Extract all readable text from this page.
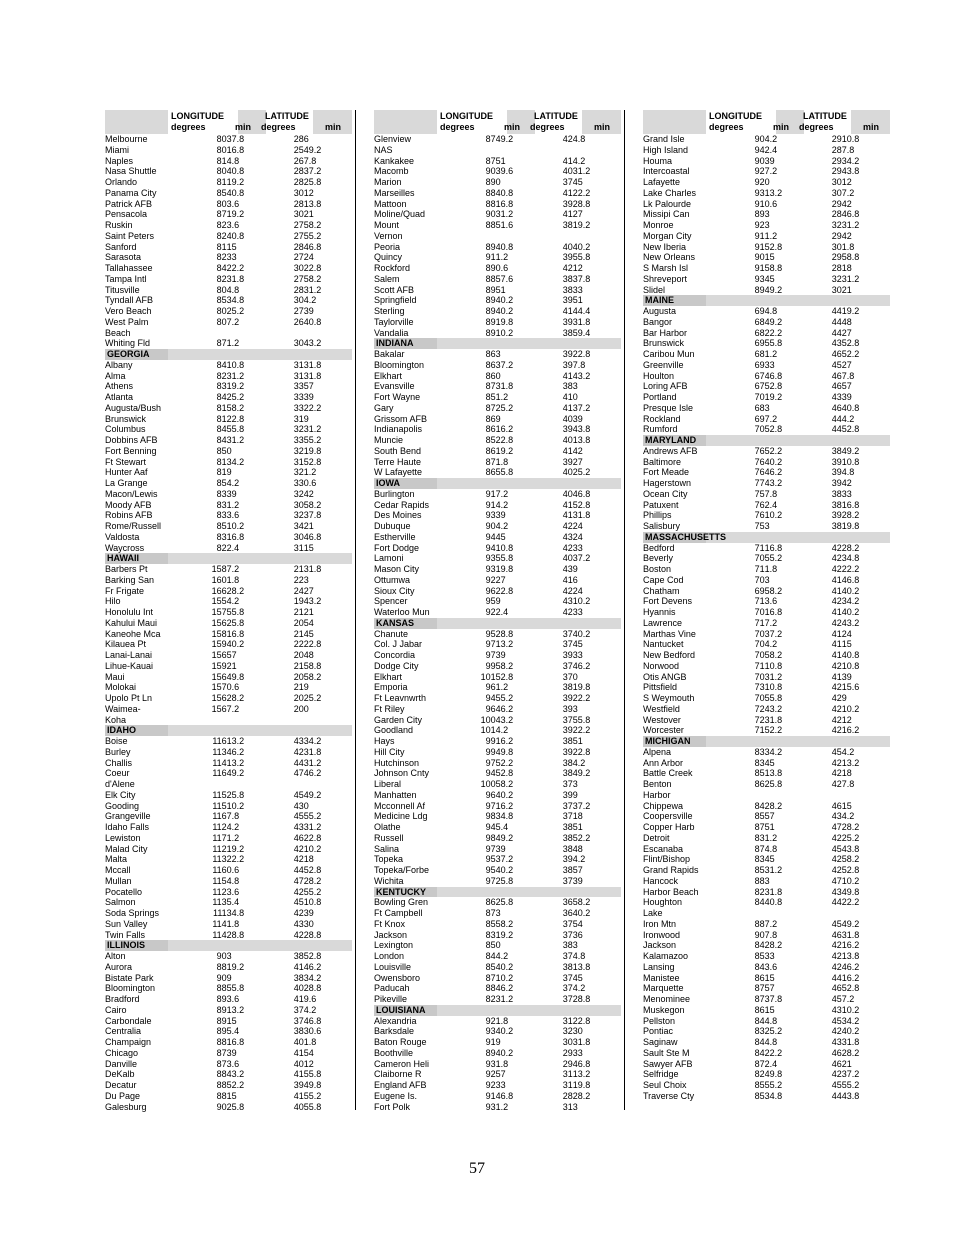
LONGITUDE	LATITUDE
degrees	min degrees	min
Melbourne	80	37.8	28	6
Miami	80	16.8	25	49.2
Naples	81	4.8	26	7.8
Nasa Shuttle	80	40.8	28	37.2
Orlando	81	19.2	28	25.8
Panama City	85	40.8	30	12
Patrick AFB	80	3.6	28	13.8
Pensacola	87	19.2	30	21
Ruskin	82	3.6	27	58.2
Saint Peters	82	40.8	27	55.2
Sanford	81	15	28	46.8
Sarasota	82	33	27	24
Tallahassee	84	22.2	30	22.8
Tampa Intl	82	31.8	27	58.2
Titusville	80	4.8	28	31.2
Tyndall AFB	85	34.8	30	4.2
Vero Beach	80	25.2	27	39
West Palm	80	7.2	26	40.8
Beach				
Whiting Fld	87	1.2	30	43.2
GEORGIA				
Albany	84	10.8	31	31.8
Alma	82	31.2	31	31.8
Athens	83	19.2	33	57
Atlanta	84	25.2	33	39
Augusta/Bush	81	58.2	33	22.2
Brunswick	81	22.8	31	9
Columbus	84	55.8	32	31.2
Dobbins AFB	84	31.2	33	55.2
Fort Benning	85	0	32	19.8
Ft Stewart	81	34.2	31	52.8
Hunter Aaf	81	9	32	1.2
La Grange	85	4.2	33	0.6
Macon/Lewis	83	39	32	42
Moody AFB	83	1.2	30	58.2
Robins AFB	83	3.6	32	37.8
Rome/Russell	85	10.2	34	21
Valdosta	83	16.8	30	46.8
Waycross	82	2.4	31	15
HAWAII				
Barbers Pt	158	7.2	21	31.8
Barking San	160	1.8	22	3
Fr Frigate	166	28.2	24	27
Hilo	155	4.2	19	43.2
Honolulu Int	157	55.8	21	21
Kahului Maui	156	25.8	20	54
Kaneohe Mca	158	16.8	21	45
Kilauea Pt	159	40.2	22	22.8
Lanai-Lanai	156	57	20	48
Lihue-Kauai	159	21	21	58.8
Maui	156	49.8	20	58.2
Molokai	157	0.6	21	9
Upolo Pt Ln	156	28.2	20	25.2
Waimea-	156	7.2	20	0
Koha				
IDAHO				
Boise	116	13.2	43	34.2
Burley	113	46.2	42	31.8
Challis	114	13.2	44	31.2
Coeur	116	49.2	47	46.2
d'Alene				
Elk City	115	25.8	45	49.2
Gooding	115	10.2	43	0
Grangeville	116	7.8	45	55.2
Idaho Falls	112	4.2	43	31.2
Lewiston	117	1.2	46	22.8
Malad City	112	19.2	42	10.2
Malta	113	22.2	42	18
Mccall	116	0.6	44	52.8
Mullan	115	4.8	47	28.2
Pocatello	112	3.6	42	55.2
Salmon	113	5.4	45	10.8
Soda Springs	111	34.8	42	39
Sun Valley	114	1.8	43	30
Twin Falls	114	28.8	42	28.8
ILLINOIS				
Alton	90	3	38	52.8
Aurora	88	19.2	41	46.2
Bistate Park	90	9	38	34.2
Bloomington	88	55.8	40	28.8
Bradford	89	3.6	41	9.6
Cairo	89	13.2	37	4.2
Carbondale	89	15	37	46.8
Centralia	89	5.4	38	30.6
Champaign	88	16.8	40	1.8
Chicago	87	39	41	54
Danville	87	3.6	40	12
DeKalb	88	43.2	41	55.8
Decatur	88	52.2	39	49.8
Du Page	88	15	41	55.2
Galesburg	90	25.8	40	55.8
LONGITUDE	LATITUDE
degrees	min degrees	min
Glenview	87	49.2	42	4.8
NAS				
Kankakee	87	51	41	4.2
Macomb	90	39.6	40	31.2
Marion	89	0	37	45
Marseilles	88	40.8	41	22.2
Mattoon	88	16.8	39	28.8
Moline/Quad	90	31.2	41	27
Mount	88	51.6	38	19.2
Vernon				
Peoria	89	40.8	40	40.2
Quincy	91	1.2	39	55.8
Rockford	89	0.6	42	12
Salem	88	57.6	38	37.8
Scott AFB	89	51	38	33
Springfield	89	40.2	39	51
Sterling	89	40.2	41	44.4
Taylorville	89	19.8	39	31.8
Vandalia	89	10.2	38	59.4
INDIANA				
Bakalar	86	3	39	22.8
Bloomington	86	37.2	39	7.8
Elkhart	86	0	41	43.2
Evansville	87	31.8	38	3
Fort Wayne	85	1.2	41	0
Gary	87	25.2	41	37.2
Grissom AFB	86	9	40	39
Indianapolis	86	16.2	39	43.8
Muncie	85	22.8	40	13.8
South Bend	86	19.2	41	42
Terre Haute	87	1.8	39	27
W Lafayette	86	55.8	40	25.2
IOWA				
Burlington	91	7.2	40	46.8
Cedar Rapids	91	4.2	41	52.8
Des Moines	93	39	41	31.8
Dubuque	90	4.2	42	24
Estherville	94	45	43	24
Fort Dodge	94	10.8	42	33
Lamoni	93	55.8	40	37.2
Mason City	93	19.8	43	9
Ottumwa	92	27	41	6
Sioux City	96	22.8	42	24
Spencer	95	9	43	10.2
Waterloo Mun	92	2.4	42	33
KANSAS				
Chanute	95	28.8	37	40.2
Col. J Jabar	97	13.2	37	45
Concordia	97	39	39	33
Dodge City	99	58.2	37	46.2
Elkhart	101	52.8	37	0
Emporia	96	1.2	38	19.8
Ft Leavnwrth	94	55.2	39	22.2
Ft Riley	96	46.2	39	3
Garden City	100	43.2	37	55.8
Goodland	101	4.2	39	22.2
Hays	99	16.2	38	51
Hill City	99	49.8	39	22.8
Hutchinson	97	52.2	38	4.2
Johnson Cnty	94	52.8	38	49.2
Liberal	100	58.2	37	3
Manhatten	96	40.2	39	9
Mcconnell Af	97	16.2	37	37.2
Medicine Ldg	98	34.8	37	18
Olathe	94	5.4	38	51
Russell	98	49.2	38	52.2
Salina	97	39	38	48
Topeka	95	37.2	39	4.2
Topeka/Forbe	95	40.2	38	57
Wichita	97	25.8	37	39
KENTUCKY				
Bowling Gren	86	25.8	36	58.2
Ft Campbell	87	3	36	40.2
Ft Knox	85	58.2	37	54
Jackson	83	19.2	37	36
Lexington	85	0	38	3
London	84	4.2	37	4.8
Louisville	85	40.2	38	13.8
Owensboro	87	10.2	37	45
Paducah	88	46.2	37	4.2
Pikeville	82	31.2	37	28.8
LOUISIANA				
Alexandria	92	1.8	31	22.8
Barksdale	93	40.2	32	30
Baton Rouge	91	9	30	31.8
Boothville	89	40.2	29	33
Cameron Heli	93	1.8	29	46.8
Claiborne R	92	57	31	13.2
England AFB	92	33	31	19.8
Eugene Is.	91	46.8	28	28.2
Fort Polk	93	1.2	31	3
LONGITUDE	LATITUDE
degrees	min degrees	min
Grand Isle	90	4.2	29	10.8
High Island	94	2.4	28	7.8
Houma	90	39	29	34.2
Intercoastal	92	7.2	29	43.8
Lafayette	92	0	30	12
Lake Charles	93	13.2	30	7.2
Lk Palourde	91	0.6	29	42
Missipi Can	89	3	28	46.8
Monroe	92	3	32	31.2
Morgan City	91	1.2	29	42
New Iberia	91	52.8	30	1.8
New Orleans	90	15	29	58.8
S Marsh Isl	91	58.8	28	18
Shreveport	93	45	32	31.2
Slidel	89	49.2	30	21
MAINE				
Augusta	69	4.8	44	19.2
Bangor	68	49.2	44	48
Bar Harbor	68	22.2	44	27
Brunswick	69	55.8	43	52.8
Caribou Mun	68	1.2	46	52.2
Greenville	69	33	45	27
Houlton	67	46.8	46	7.8
Loring AFB	67	52.8	46	57
Portland	70	19.2	43	39
Presque Isle	68	3	46	40.8
Rockland	69	7.2	44	4.2
Rumford	70	52.8	44	52.8
MARYLAND				
Andrews AFB	76	52.2	38	49.2
Baltimore	76	40.2	39	10.8
Fort Meade	76	46.2	39	4.8
Hagerstown	77	43.2	39	42
Ocean City	75	7.8	38	33
Patuxent	76	2.4	38	16.8
Phillips	76	10.2	39	28.2
Salisbury	75	3	38	19.8
MASSACHUSETTS				
Bedford	71	16.8	42	28.2
Beverly	70	55.2	42	34.8
Boston	71	1.8	42	22.2
Cape Cod	70	3	41	46.8
Chatham	69	58.2	41	40.2
Fort Devens	71	3.6	42	34.2
Hyannis	70	16.8	41	40.2
Lawrence	71	7.2	42	43.2
Marthas Vine	70	37.2	41	24
Nantucket	70	4.2	41	15
New Bedford	70	58.2	41	40.8
Norwood	71	10.8	42	10.8
Otis ANGB	70	31.2	41	39
Pittsfield	73	10.8	42	15.6
S Weymouth	70	55.8	42	9
Westfield	72	43.2	42	10.2
Westover	72	31.8	42	12
Worcester	71	52.2	42	16.2
MICHIGAN				
Alpena	83	34.2	45	4.2
Ann Arbor	83	45	42	13.2
Battle Creek	85	13.8	42	18
Benton	86	25.8	42	7.8
Harbor				
Chippewa	84	28.2	46	15
Coopersville	85	57	43	4.2
Copper Harb	87	51	47	28.2
Detroit	83	1.2	42	25.2
Escanaba	87	4.8	45	43.8
Flint/Bishop	83	45	42	58.2
Grand Rapids	85	31.2	42	52.8
Hancock	88	3	47	10.2
Harbor Beach	82	31.8	43	49.8
Houghton	84	40.8	44	22.2
Lake				
Iron Mtn	88	7.2	45	49.2
Ironwood	90	7.8	46	31.8
Jackson	84	28.2	42	16.2
Kalamazoo	85	33	42	13.8
Lansing	84	3.6	42	46.2
Manistee	86	15	44	16.2
Marquette	87	57	46	52.8
Menominee	87	37.8	45	7.2
Muskegon	86	15	43	10.2
Pellston	84	4.8	45	34.2
Pontiac	83	25.2	42	40.2
Saginaw	84	4.8	43	31.8
Sault Ste M	84	22.2	46	28.2
Sawyer AFB	87	2.4	46	21
Selfridge	82	49.8	42	37.2
Seul Choix	85	55.2	45	55.2
Traverse Cty	85	34.8	44	43.8
57
